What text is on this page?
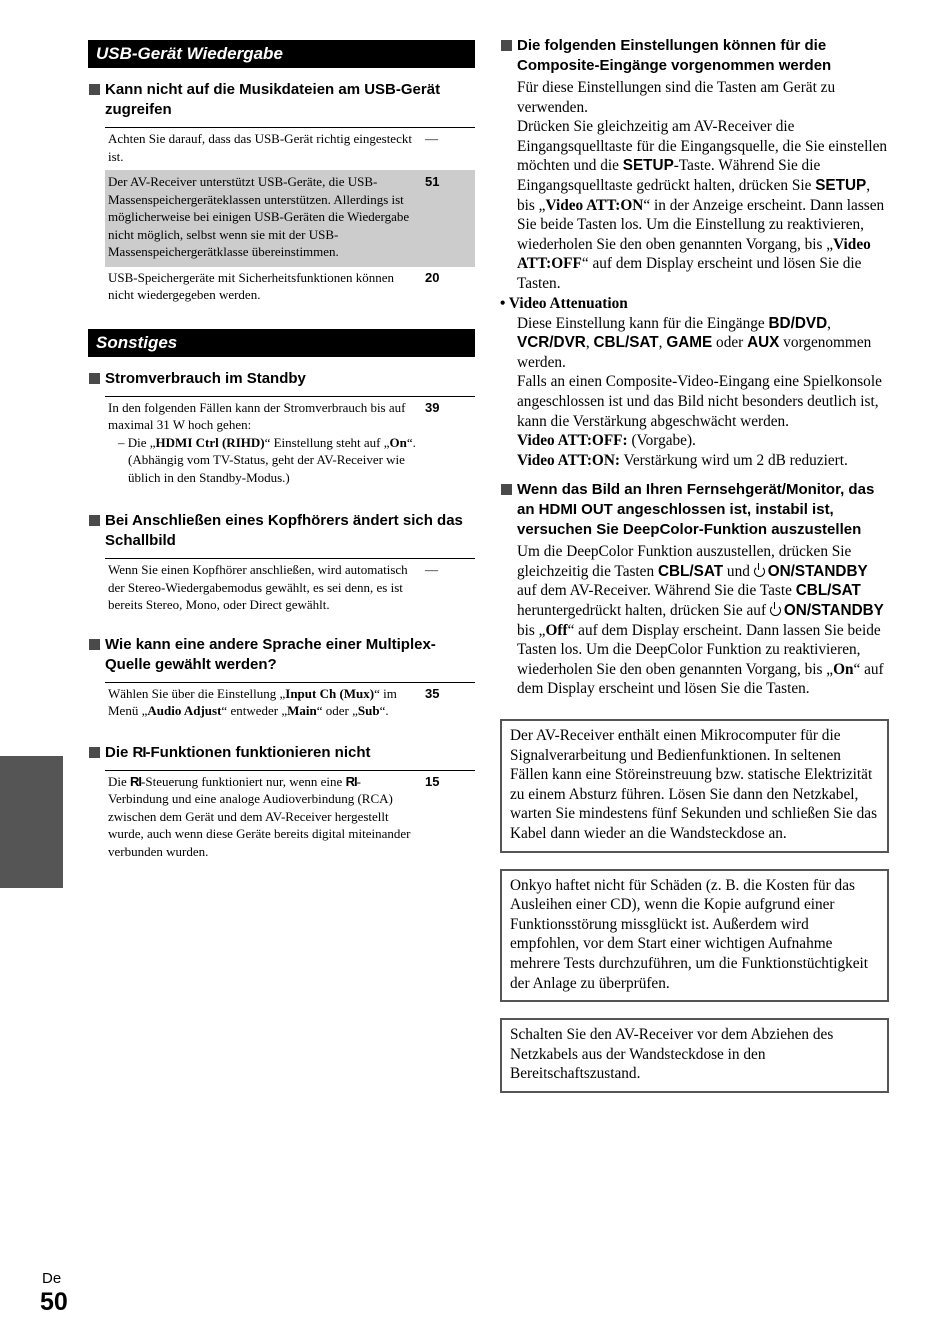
USB-Gerät Wiedergabe
Kann nicht auf die Musikdateien am USB-Gerät zugreifen
Achten Sie darauf, dass das USB-Gerät richtig eingesteckt ist.
—
Der AV-Receiver unterstützt USB-Geräte, die USB-Massenspeichergeräteklassen unterstützen. Allerdings ist möglicherweise bei einigen USB-Geräten die Wiedergabe nicht möglich, selbst wenn sie mit der USB-Massenspeichergerätklasse übereinstimmen.
51
USB-Speichergeräte mit Sicherheitsfunktionen können nicht wiedergegeben werden.
20
Sonstiges
Stromverbrauch im Standby
In den folgenden Fällen kann der Stromverbrauch bis auf maximal 31 W hoch gehen:
– Die „HDMI Ctrl (RIHD)“ Einstellung steht auf „On“. (Abhängig vom TV-Status, geht der AV-Receiver wie üblich in den Standby-Modus.)
39
Bei Anschließen eines Kopfhörers ändert sich das Schallbild
Wenn Sie einen Kopfhörer anschließen, wird automatisch der Stereo-Wiedergabemodus gewählt, es sei denn, es ist bereits Stereo, Mono, oder Direct gewählt.
—
Wie kann eine andere Sprache einer Multiplex-Quelle gewählt werden?
Wählen Sie über die Einstellung „Input Ch (Mux)“ im Menü „Audio Adjust“ entweder „Main“ oder „Sub“.
35
Die RI-Funktionen funktionieren nicht
Die RI-Steuerung funktioniert nur, wenn eine RI-Verbindung und eine analoge Audioverbindung (RCA) zwischen dem Gerät und dem AV-Receiver hergestellt wurde, auch wenn diese Geräte bereits digital miteinander verbunden wurden.
15
Die folgenden Einstellungen können für die Composite-Eingänge vorgenommen werden

Für diese Einstellungen sind die Tasten am Gerät zu verwenden.

Drücken Sie gleichzeitig am AV-Receiver die Eingangsquelltaste für die Eingangsquelle, die Sie einstellen möchten und die SETUP-Taste. Während Sie die Eingangsquelltaste gedrückt halten, drücken Sie SETUP, bis „Video ATT:ON“ in der Anzeige erscheint. Dann lassen Sie beide Tasten los. Um die Einstellung zu reaktivieren, wiederholen Sie den oben genannten Vorgang, bis „Video ATT:OFF“ auf dem Display erscheint und lösen Sie die Tasten.

• Video Attenuation

Diese Einstellung kann für die Eingänge BD/DVD, VCR/DVR, CBL/SAT, GAME oder AUX vorgenommen werden.

Falls an einen Composite-Video-Eingang eine Spielkonsole angeschlossen ist und das Bild nicht besonders deutlich ist, kann die Verstärkung abgeschwächt werden.

Video ATT:OFF: (Vorgabe).

Video ATT:ON: Verstärkung wird um 2 dB reduziert.

Wenn das Bild an Ihren Fernsehgerät/Monitor, das an HDMI OUT angeschlossen ist, instabil ist, versuchen Sie DeepColor-Funktion auszustellen

Um die DeepColor Funktion auszustellen, drücken Sie gleichzeitig die Tasten CBL/SAT und ON/STANDBY auf dem AV-Receiver. Während Sie die Taste CBL/SAT heruntergedrückt halten, drücken Sie auf ON/STANDBY bis „Off“ auf dem Display erscheint. Dann lassen Sie beide Tasten los. Um die DeepColor Funktion zu reaktivieren, wiederholen Sie den oben genannten Vorgang, bis „On“ auf dem Display erscheint und lösen Sie die Tasten.

Der AV-Receiver enthält einen Mikrocomputer für die Signalverarbeitung und Bedienfunktionen. In seltenen Fällen kann eine Störeinstreuung bzw. statische Elektrizität zu einem Absturz führen. Lösen Sie dann den Netzkabel, warten Sie mindestens fünf Sekunden und schließen Sie das Kabel dann wieder an die Wandsteckdose an.
Onkyo haftet nicht für Schäden (z. B. die Kosten für das Ausleihen einer CD), wenn die Kopie aufgrund einer Funktionsstörung missglückt ist. Außerdem wird empfohlen, vor dem Start einer wichtigen Aufnahme mehrere Tests durchzuführen, um die Funktionstüchtigkeit der Anlage zu überprüfen.
Schalten Sie den AV-Receiver vor dem Abziehen des Netzkabels aus der Wandsteckdose in den Bereitschaftszustand.
De
50
